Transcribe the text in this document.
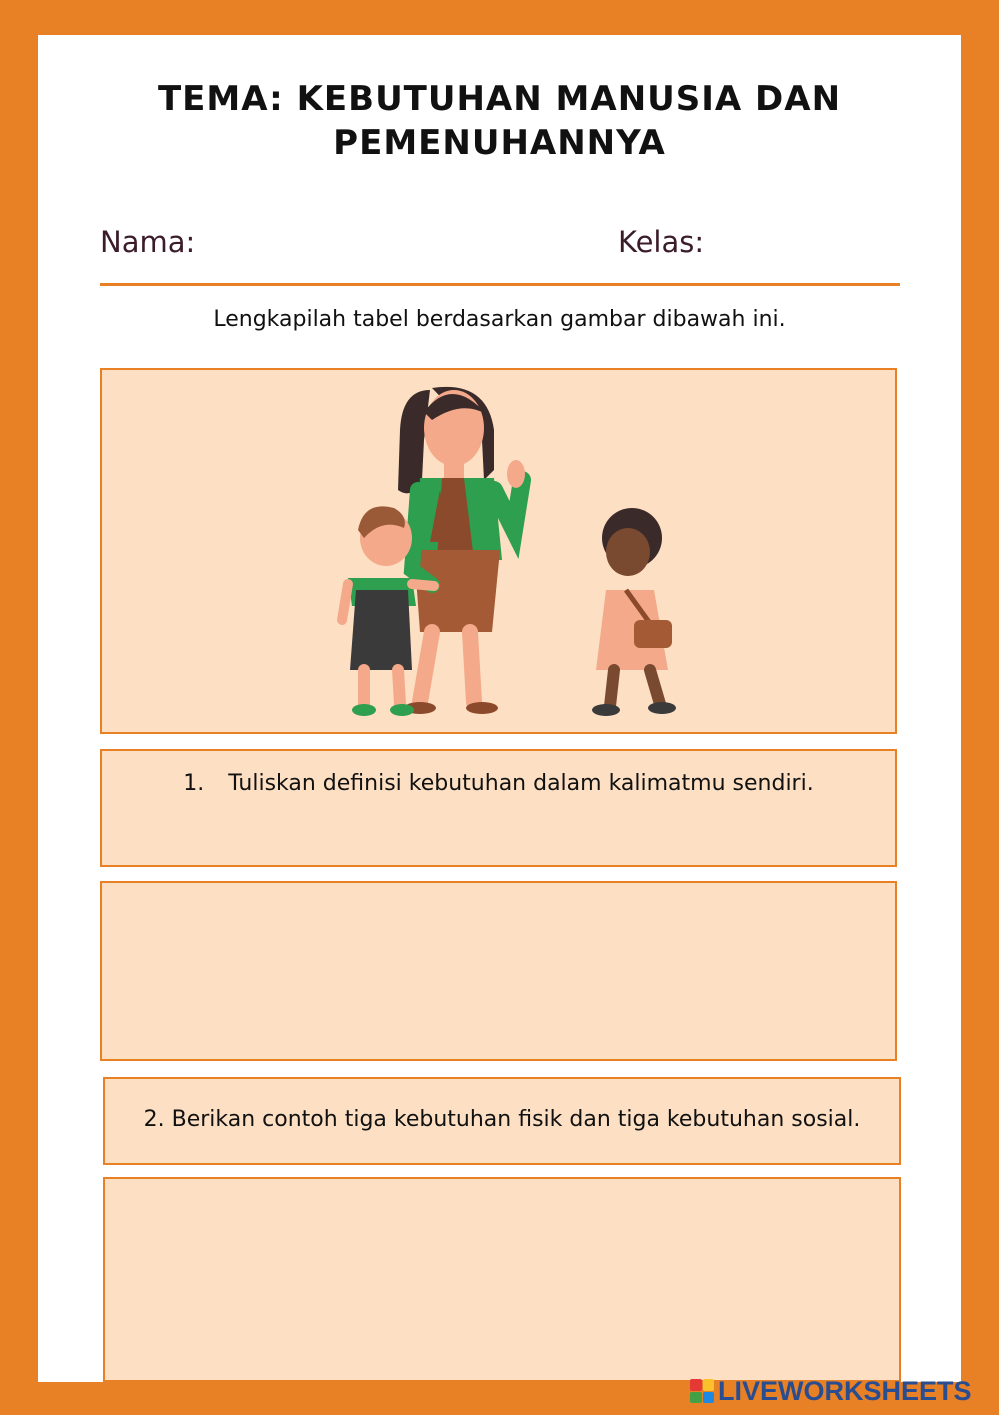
TEMA: KEBUTUHAN MANUSIA DAN
PEMENUHANNYA
Nama:	Kelas:
Lengkapilah tabel berdasarkan gambar dibawah ini.
1. Tuliskan definisi kebutuhan dalam kalimatmu sendiri.
2. Berikan contoh tiga kebutuhan fisik dan tiga kebutuhan sosial.
LIVEWORKSHEETS
